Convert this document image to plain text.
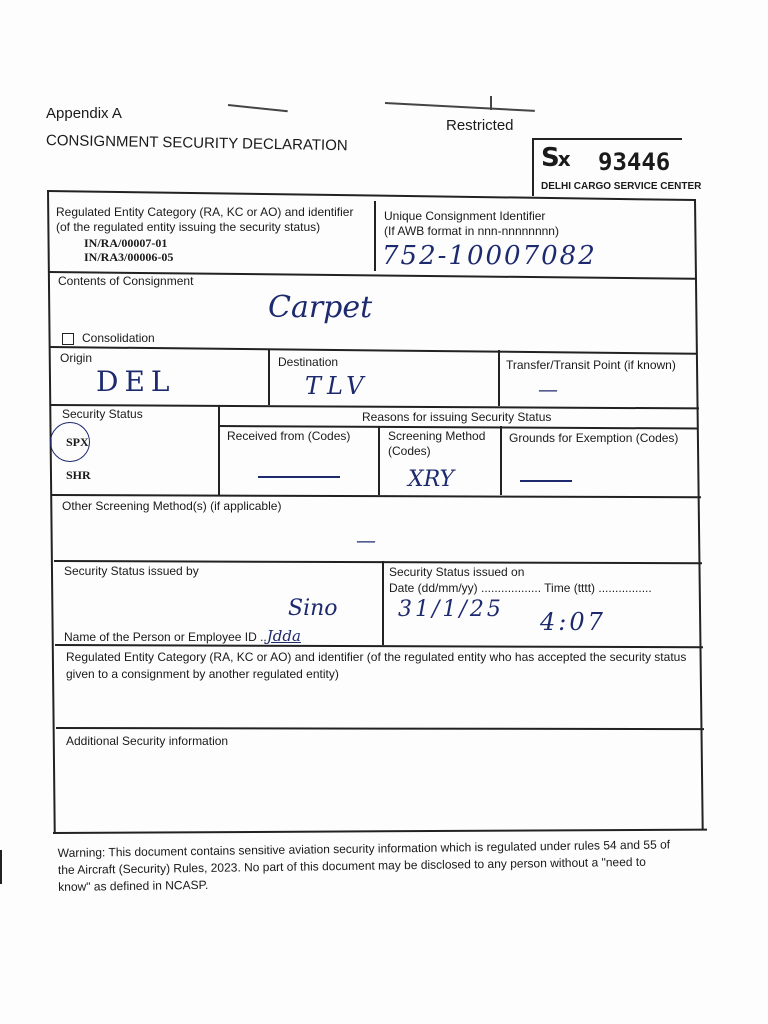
Appendix A
CONSIGNMENT SECURITY DECLARATION
Restricted
Sx 93446
DELHI CARGO SERVICE CENTER
Regulated Entity Category (RA, KC or AO) and identifier (of the regulated entity issuing the security status)
IN/RA/00007-01
IN/RA3/00006-05
Unique Consignment Identifier
(If AWB format in nnn-nnnnnnnn)
752-10007082
Contents of Consignment
Carpet
Consolidation
Origin
DEL
Destination
TLV
Transfer/Transit Point (if known)
—
Security Status
SPX
SHR
Reasons for issuing Security Status
Received from (Codes)	Screening Method (Codes)
XRY
Grounds for Exemption (Codes)
Other Screening Method(s) (if applicable)
—
Security Status issued by
Sino
Name of the Person or Employee ID ..Jdda
Security Status issued on
Date (dd/mm/yy) .................. Time (tttt) ................
31/1/25 4:07
Regulated Entity Category (RA, KC or AO) and identifier (of the regulated entity who has accepted the security status given to a consignment by another regulated entity)
Additional Security information
Warning: This document contains sensitive aviation security information which is regulated under rules 54 and 55 of the Aircraft (Security) Rules, 2023. No part of this document may be disclosed to any person without a "need to know" as defined in NCASP.
